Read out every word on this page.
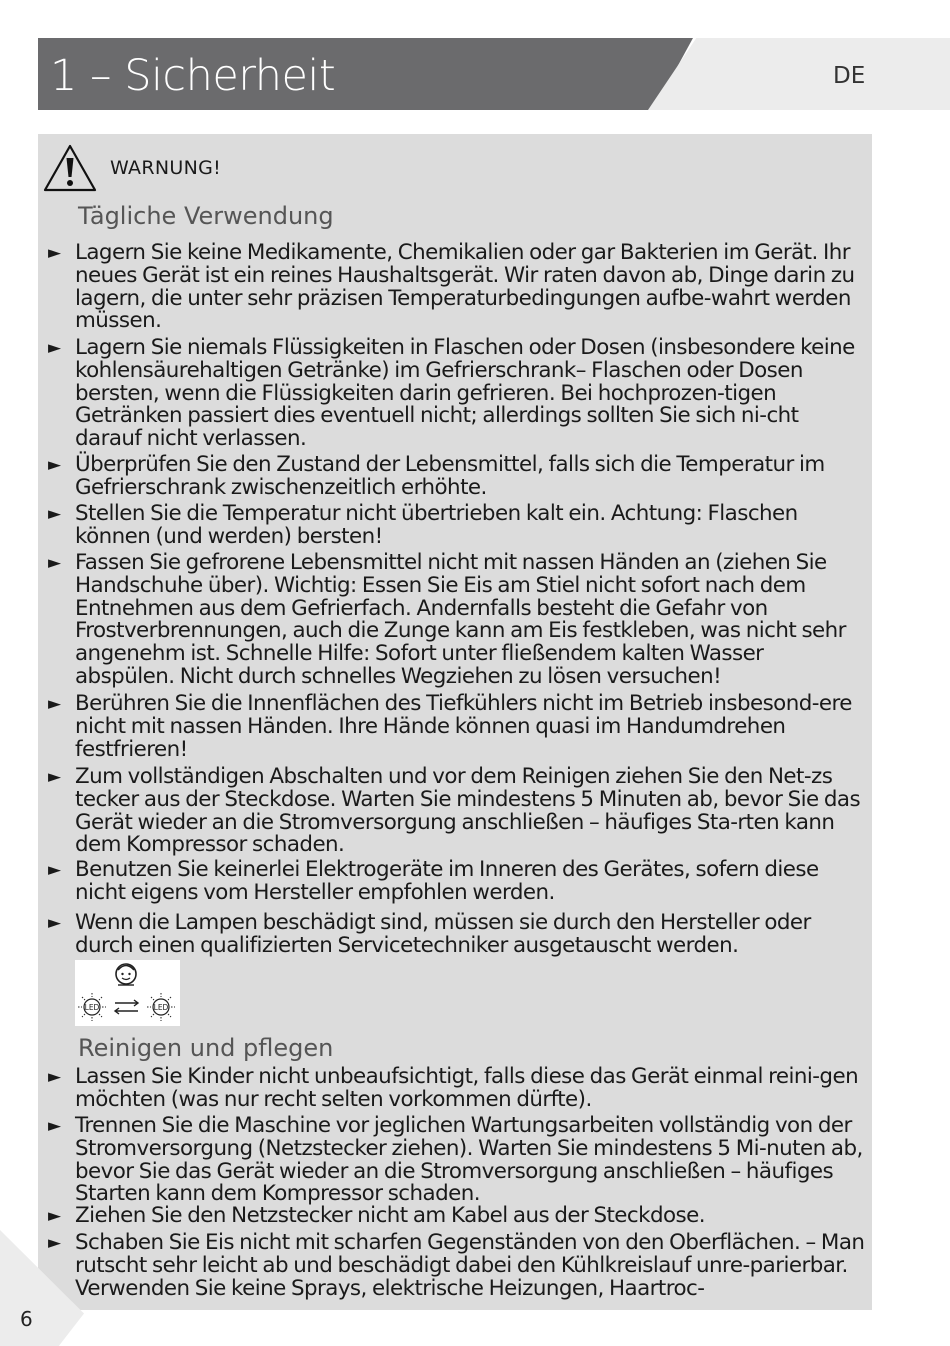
1 – Sicherheit	DE
WARNUNG!
Tägliche Verwendung
► Lagern Sie keine Medikamente, Chemikalien oder gar Bakterien im Gerät. Ihr neues Gerät ist ein reines Haushaltsgerät. Wir raten davon ab, Dinge darin zu lagern, die unter sehr präzisen Temperaturbedingungen aufbe-wahrt werden müssen.
► Lagern Sie niemals Flüssigkeiten in Flaschen oder Dosen (insbesondere keine kohlensäurehaltigen Getränke) im Gefrierschrank– Flaschen oder Dosen bersten, wenn die Flüssigkeiten darin gefrieren. Bei hochprozen-tigen Getränken passiert dies eventuell nicht; allerdings sollten Sie sich ni-cht darauf nicht verlassen.
► Überprüfen Sie den Zustand der Lebensmittel, falls sich die Temperatur im Gefrierschrank zwischenzeitlich erhöhte.
► Stellen Sie die Temperatur nicht übertrieben kalt ein. Achtung: Flaschen können (und werden) bersten!
► Fassen Sie gefrorene Lebensmittel nicht mit nassen Händen an (ziehen Sie Handschuhe über). Wichtig: Essen Sie Eis am Stiel nicht sofort nach dem Entnehmen aus dem Gefrierfach. Andernfalls besteht die Gefahr von Frostverbrennungen, auch die Zunge kann am Eis festkleben, was nicht sehr angenehm ist. Schnelle Hilfe: Sofort unter fließendem kalten Wasser abspülen. Nicht durch schnelles Wegziehen zu lösen versuchen!
► Berühren Sie die Innenflächen des Tiefkühlers nicht im Betrieb insbesond-ere nicht mit nassen Händen. Ihre Hände können quasi im Handumdrehen festfrieren!
► Zum vollständigen Abschalten und vor dem Reinigen ziehen Sie den Net-zs tecker aus der Steckdose. Warten Sie mindestens 5 Minuten ab, bevor Sie das Gerät wieder an die Stromversorgung anschließen – häufiges Sta-rten kann dem Kompressor schaden.
► Benutzen Sie keinerlei Elektrogeräte im Inneren des Gerätes, sofern diese nicht eigens vom Hersteller empfohlen werden.
► Wenn die Lampen beschädigt sind, müssen sie durch den Hersteller oder durch einen qualifizierten Servicetechniker ausgetauscht werden.
LED	LED
Reinigen und pflegen
► Lassen Sie Kinder nicht unbeaufsichtigt, falls diese das Gerät einmal reini-gen möchten (was nur recht selten vorkommen dürfte).
► Trennen Sie die Maschine vor jeglichen Wartungsarbeiten vollständig von der Stromversorgung (Netzstecker ziehen). Warten Sie mindestens 5 Mi-nuten ab, bevor Sie das Gerät wieder an die Stromversorgung anschließen – häufiges Starten kann dem Kompressor schaden.
► Ziehen Sie den Netzstecker nicht am Kabel aus der Steckdose.
► Schaben Sie Eis nicht mit scharfen Gegenständen von den Oberflächen. – Man rutscht sehr leicht ab und beschädigt dabei den Kühlkreislauf unre-parierbar. Verwenden Sie keine Sprays, elektrische Heizungen, Haartroc-
6
